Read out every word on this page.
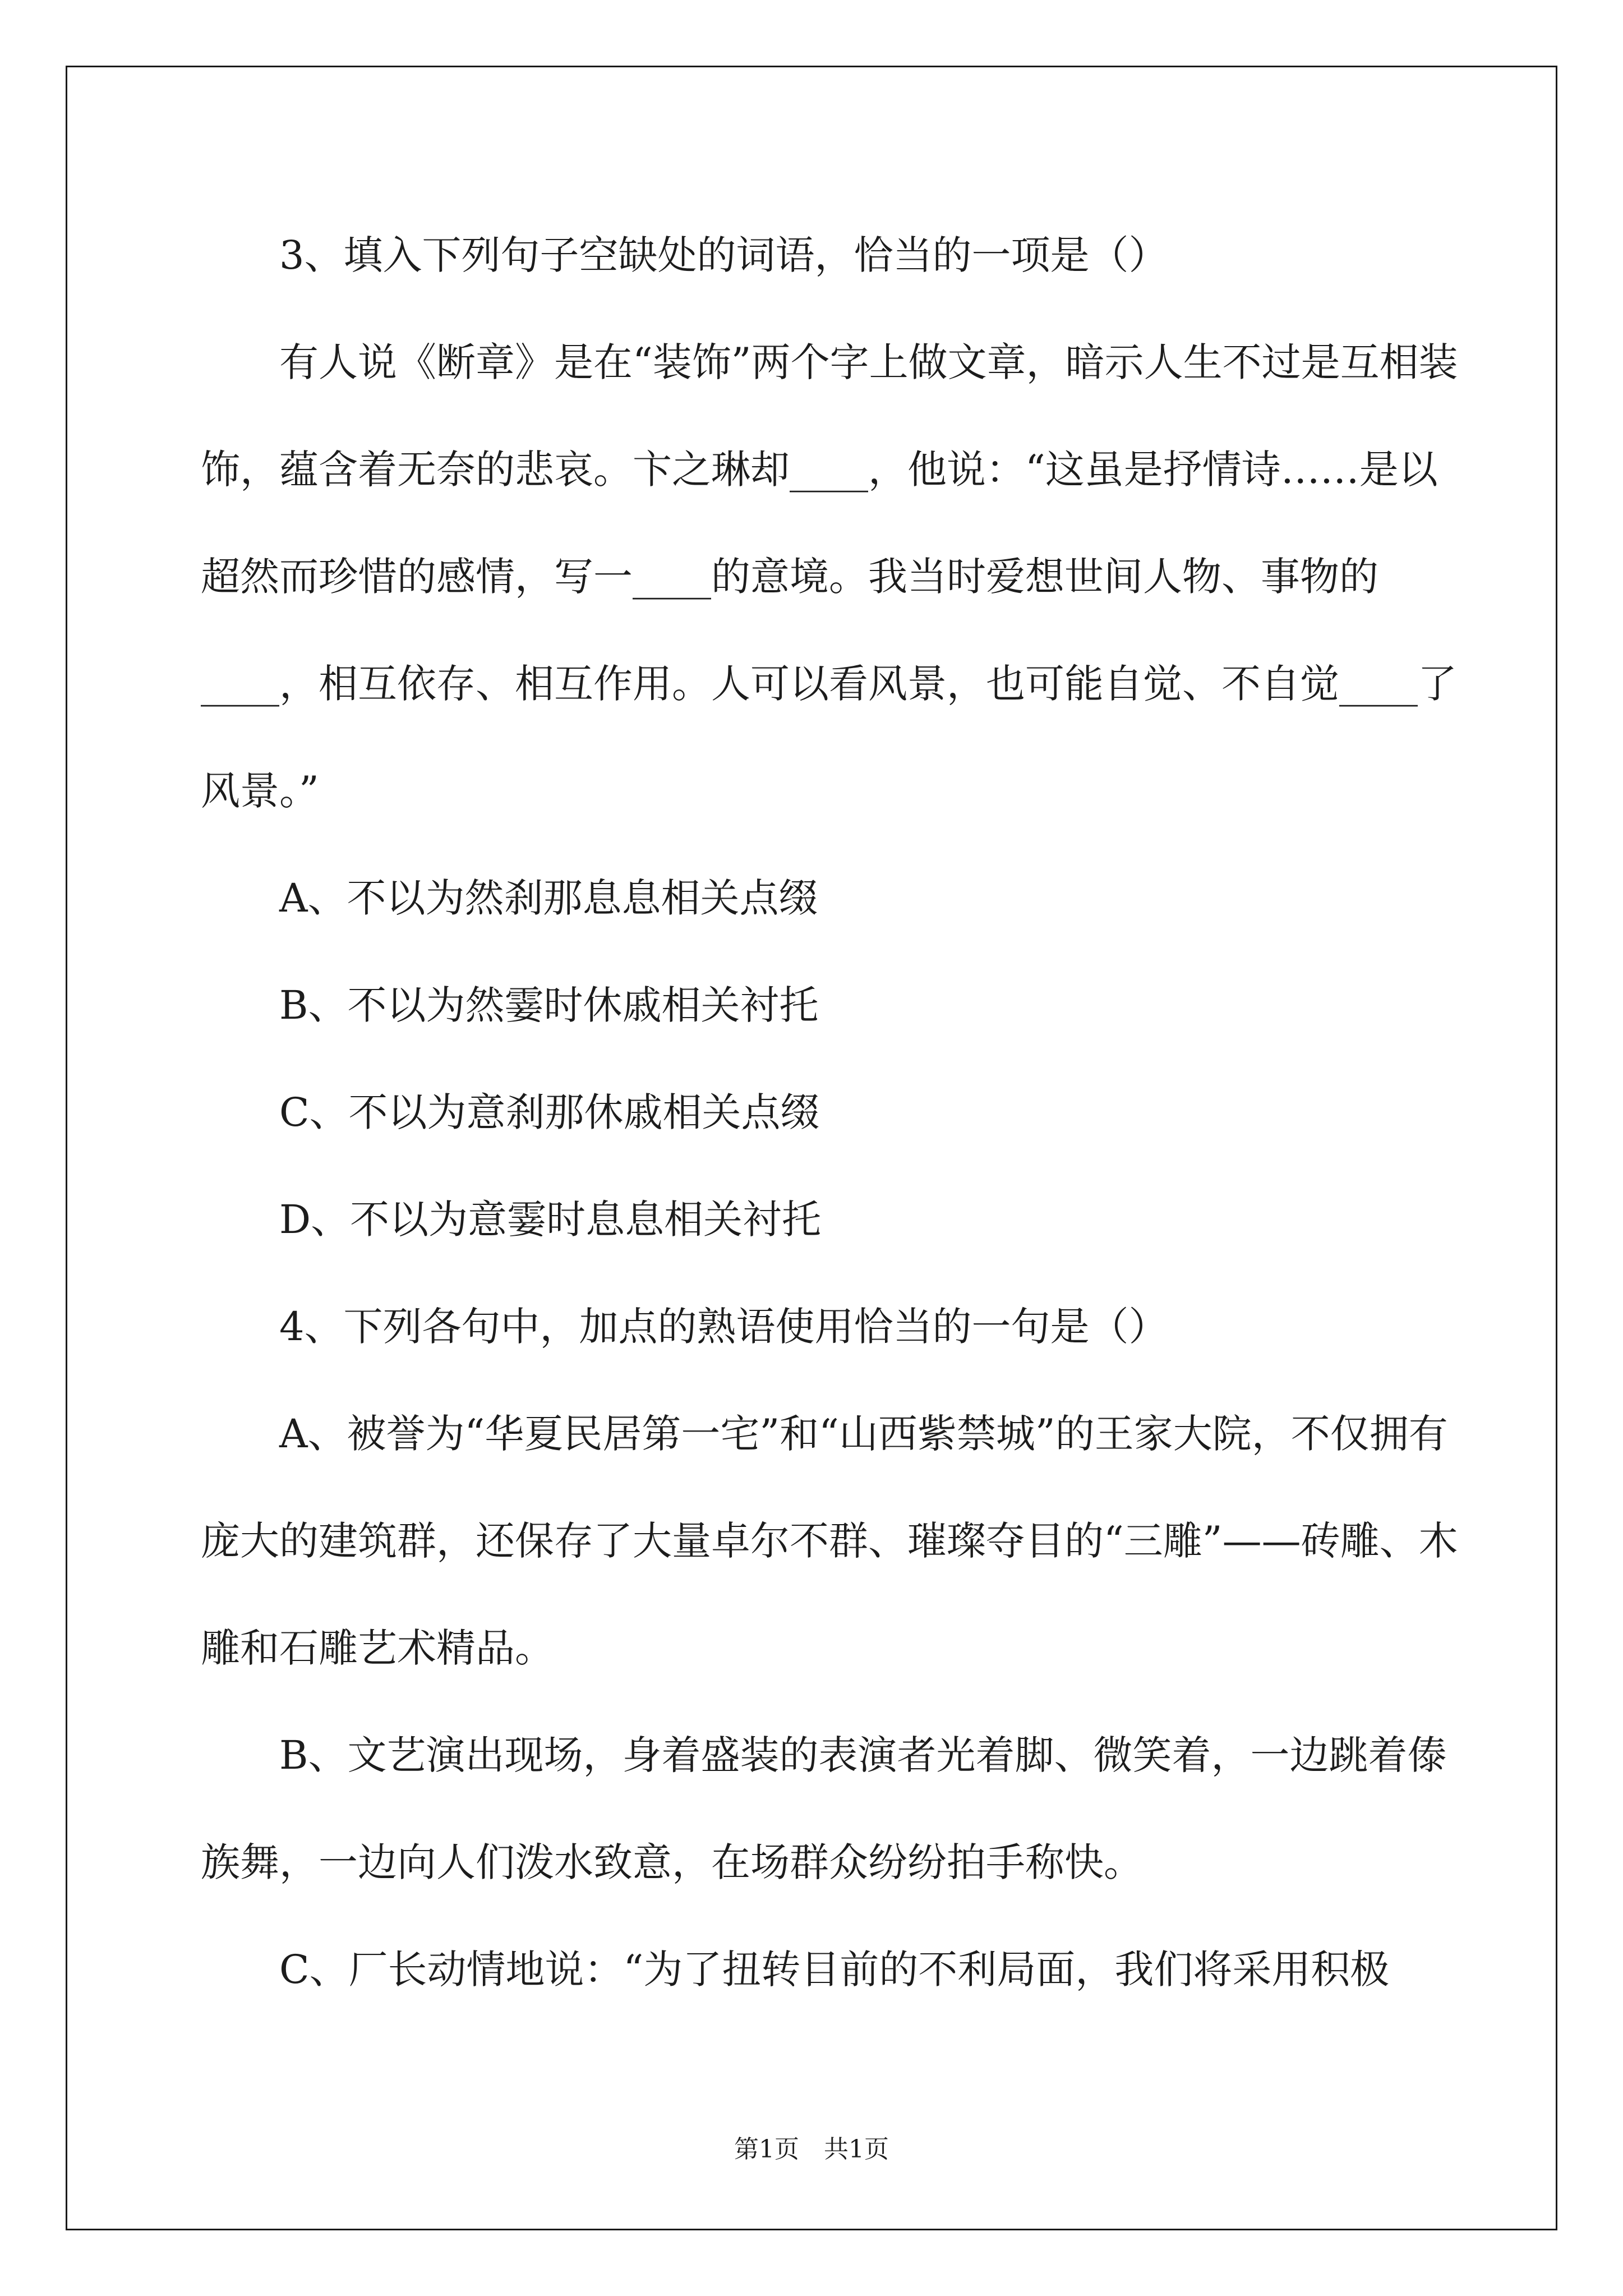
3、填入下列句子空缺处的词语，恰当的一项是（）

有人说《断章》是在“装饰”两个字上做文章，暗示人生不过是互相装饰，蕴含着无奈的悲哀。卞之琳却____，他说：“这虽是抒情诗……是以超然而珍惜的感情，写一____的意境。我当时爱想世间人物、事物的____，相互依存、相互作用。人可以看风景，也可能自觉、不自觉____了风景。”

A、不以为然刹那息息相关点缀

B、不以为然霎时休戚相关衬托

C、不以为意刹那休戚相关点缀

D、不以为意霎时息息相关衬托

4、下列各句中，加点的熟语使用恰当的一句是（）

A、被誉为“华夏民居第一宅”和“山西紫禁城”的王家大院，不仅拥有庞大的建筑群，还保存了大量卓尔不群、璀璨夺目的“三雕”——砖雕、木雕和石雕艺术精品。

B、文艺演出现场，身着盛装的表演者光着脚、微笑着，一边跳着傣族舞，一边向人们泼水致意，在场群众纷纷拍手称快。

C、厂长动情地说：“为了扭转目前的不利局面，我们将采用积极

第1页　共1页
